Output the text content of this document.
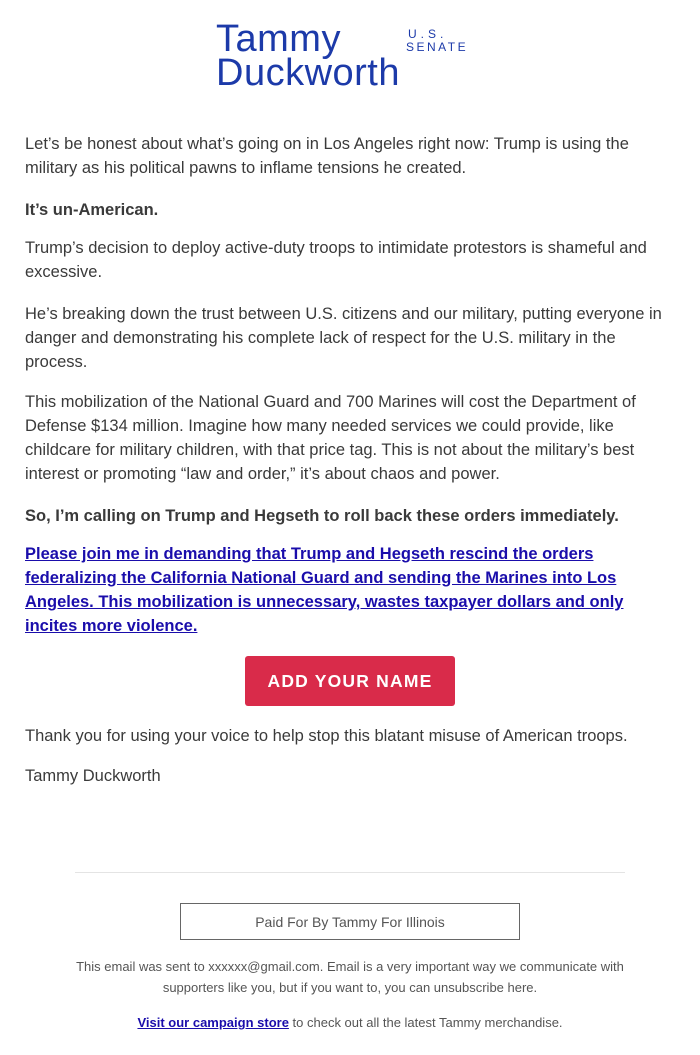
Tammy	U.S.
SENATE
Duckworth

Let’s be honest about what’s going on in Los Angeles right now: Trump is using the military as his political pawns to inflame tensions he created.

It’s un-American.

Trump’s decision to deploy active-duty troops to intimidate protestors is shameful and excessive.

He’s breaking down the trust between U.S. citizens and our military, putting everyone in danger and demonstrating his complete lack of respect for the U.S. military in the process.

This mobilization of the National Guard and 700 Marines will cost the Department of Defense $134 million. Imagine how many needed services we could provide, like childcare for military children, with that price tag. This is not about the military’s best interest or promoting “law and order,” it’s about chaos and power.

So, I’m calling on Trump and Hegseth to roll back these orders immediately.

Please join me in demanding that Trump and Hegseth rescind the orders federalizing the California National Guard and sending the Marines into Los Angeles. This mobilization is unnecessary, wastes taxpayer dollars and only incites more violence.

ADD YOUR NAME

Thank you for using your voice to help stop this blatant misuse of American troops.

Tammy Duckworth

Paid For By Tammy For Illinois

This email was sent to xxxxxx@gmail.com. Email is a very important way we communicate with supporters like you, but if you want to, you can unsubscribe here.

Visit our campaign store to check out all the latest Tammy merchandise.
